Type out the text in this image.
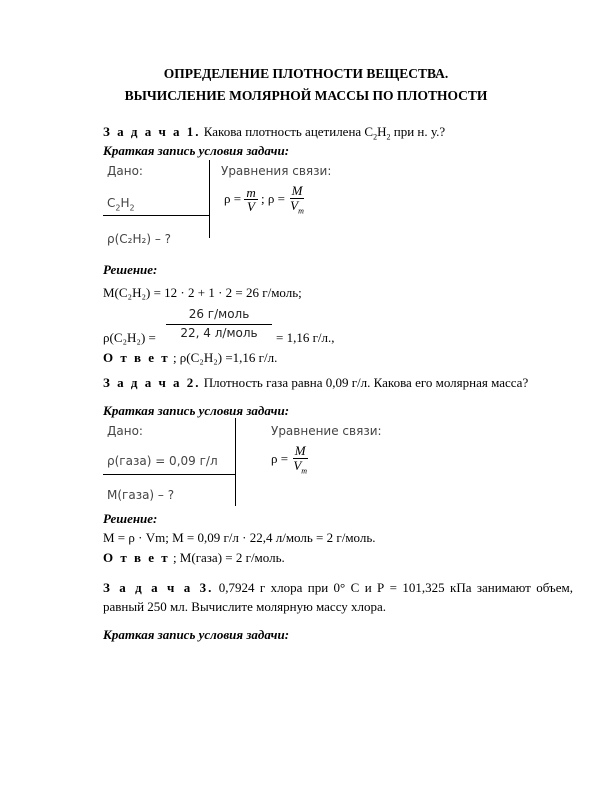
ОПРЕДЕЛЕНИЕ ПЛОТНОСТИ ВЕЩЕСТВА.
ВЫЧИСЛЕНИЕ МОЛЯРНОЙ МАССЫ ПО ПЛОТНОСТИ
З а д а ч а 1. Какова плотность ацетилена $C_2H_2$ при н. у.?
Краткая запись условия задачи:
Дано:
$C_2H_2$
ρ(C₂H₂) – ?
Уравнения связи:
$\rho = \frac{m}{V}$ ; $\rho = \frac{M}{V_m}$
Решение:
M(C₂H₂) = 12 · 2 + 1 · 2 = 26 г/моль;
26 г/моль
22, 4 л/моль
ρ(C₂H₂) =	= 1,16 г/л.,
О т в е т ; ρ(C₂H₂) =1,16 г/л.
З а д а ч а 2. Плотность газа равна 0,09 г/л. Какова его молярная масса?
Краткая запись условия задачи:
Дано:
ρ(газа) = 0,09 г/л
M(газа) – ?
Уравнение связи:
$\rho = \frac{M}{V_m}$
Решение:
M = ρ · Vm; M = 0,09 г/л · 22,4 л/моль = 2 г/моль.
О т в е т ; M(газа) = 2 г/моль.
З а д а ч а 3. 0,7924 г хлора при 0° С и Р = 101,325 кПа занимают объем, равный 250 мл. Вычислите молярную массу хлора.
Краткая запись условия задачи:
